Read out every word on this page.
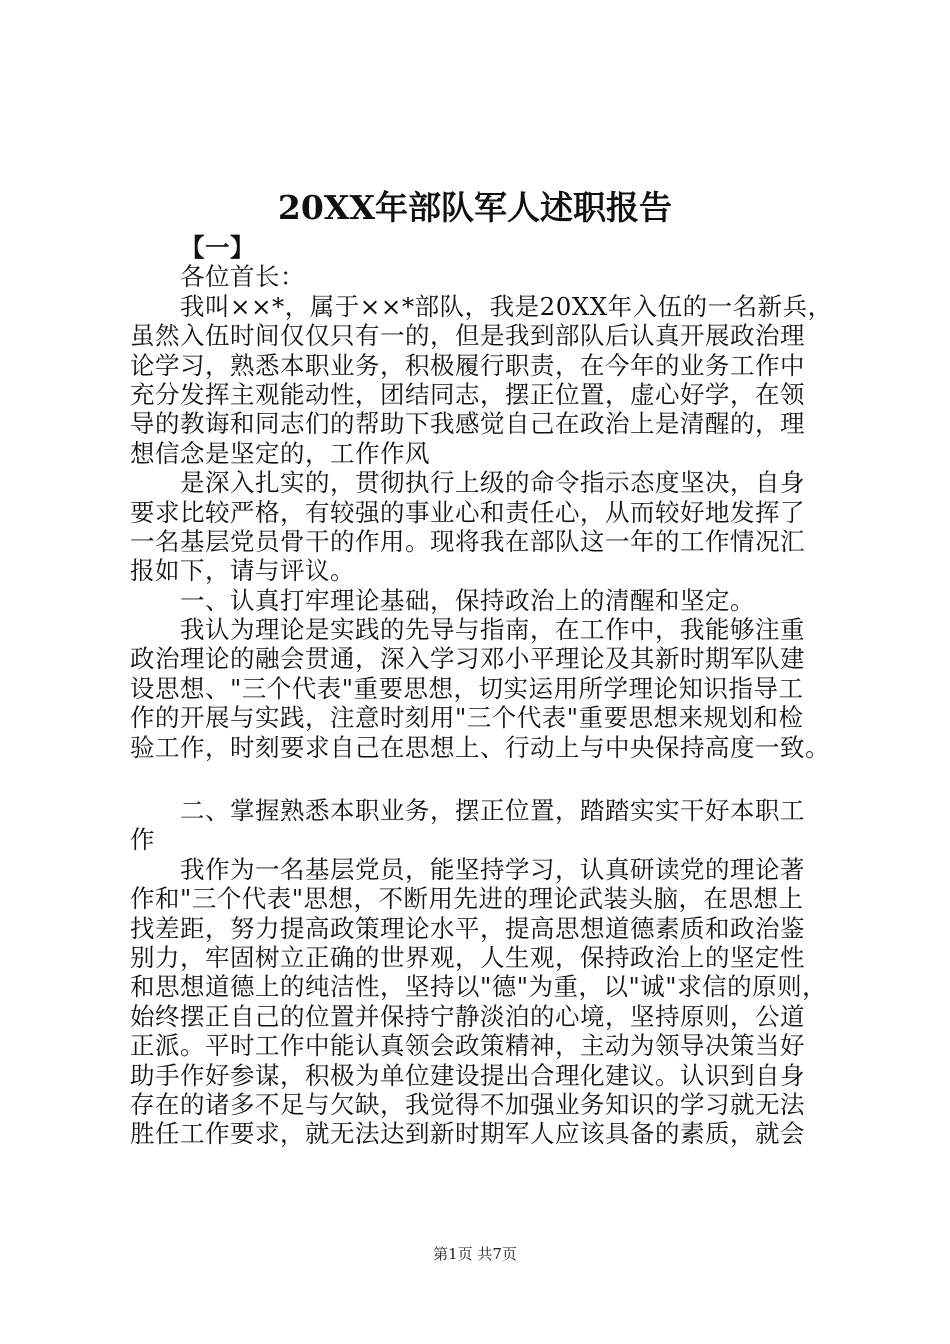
20XX年部队军人述职报告
【一】
各位首长：
我叫××*，属于××*部队，我是20XX年入伍的一名新兵，
虽然入伍时间仅仅只有一的，但是我到部队后认真开展政治理
论学习，熟悉本职业务，积极履行职责，在今年的业务工作中
充分发挥主观能动性，团结同志，摆正位置，虚心好学，在领
导的教诲和同志们的帮助下我感觉自己在政治上是清醒的，理
想信念是坚定的，工作作风
是深入扎实的，贯彻执行上级的命令指示态度坚决，自身
要求比较严格，有较强的事业心和责任心，从而较好地发挥了
一名基层党员骨干的作用。现将我在部队这一年的工作情况汇
报如下，请与评议。
一、认真打牢理论基础，保持政治上的清醒和坚定。
我认为理论是实践的先导与指南，在工作中，我能够注重
政治理论的融会贯通，深入学习邓小平理论及其新时期军队建
设思想、"三个代表"重要思想，切实运用所学理论知识指导工
作的开展与实践，注意时刻用"三个代表"重要思想来规划和检
验工作，时刻要求自己在思想上、行动上与中央保持高度一致。
二、掌握熟悉本职业务，摆正位置，踏踏实实干好本职工
作
我作为一名基层党员，能坚持学习，认真研读党的理论著
作和"三个代表"思想，不断用先进的理论武装头脑，在思想上
找差距，努力提高政策理论水平，提高思想道德素质和政治鉴
别力，牢固树立正确的世界观，人生观，保持政治上的坚定性
和思想道德上的纯洁性，坚持以"德"为重，以"诚"求信的原则，
始终摆正自己的位置并保持宁静淡泊的心境，坚持原则，公道
正派。平时工作中能认真领会政策精神，主动为领导决策当好
助手作好参谋，积极为单位建设提出合理化建议。认识到自身
存在的诸多不足与欠缺，我觉得不加强业务知识的学习就无法
胜任工作要求，就无法达到新时期军人应该具备的素质，就会
第1页 共7页
